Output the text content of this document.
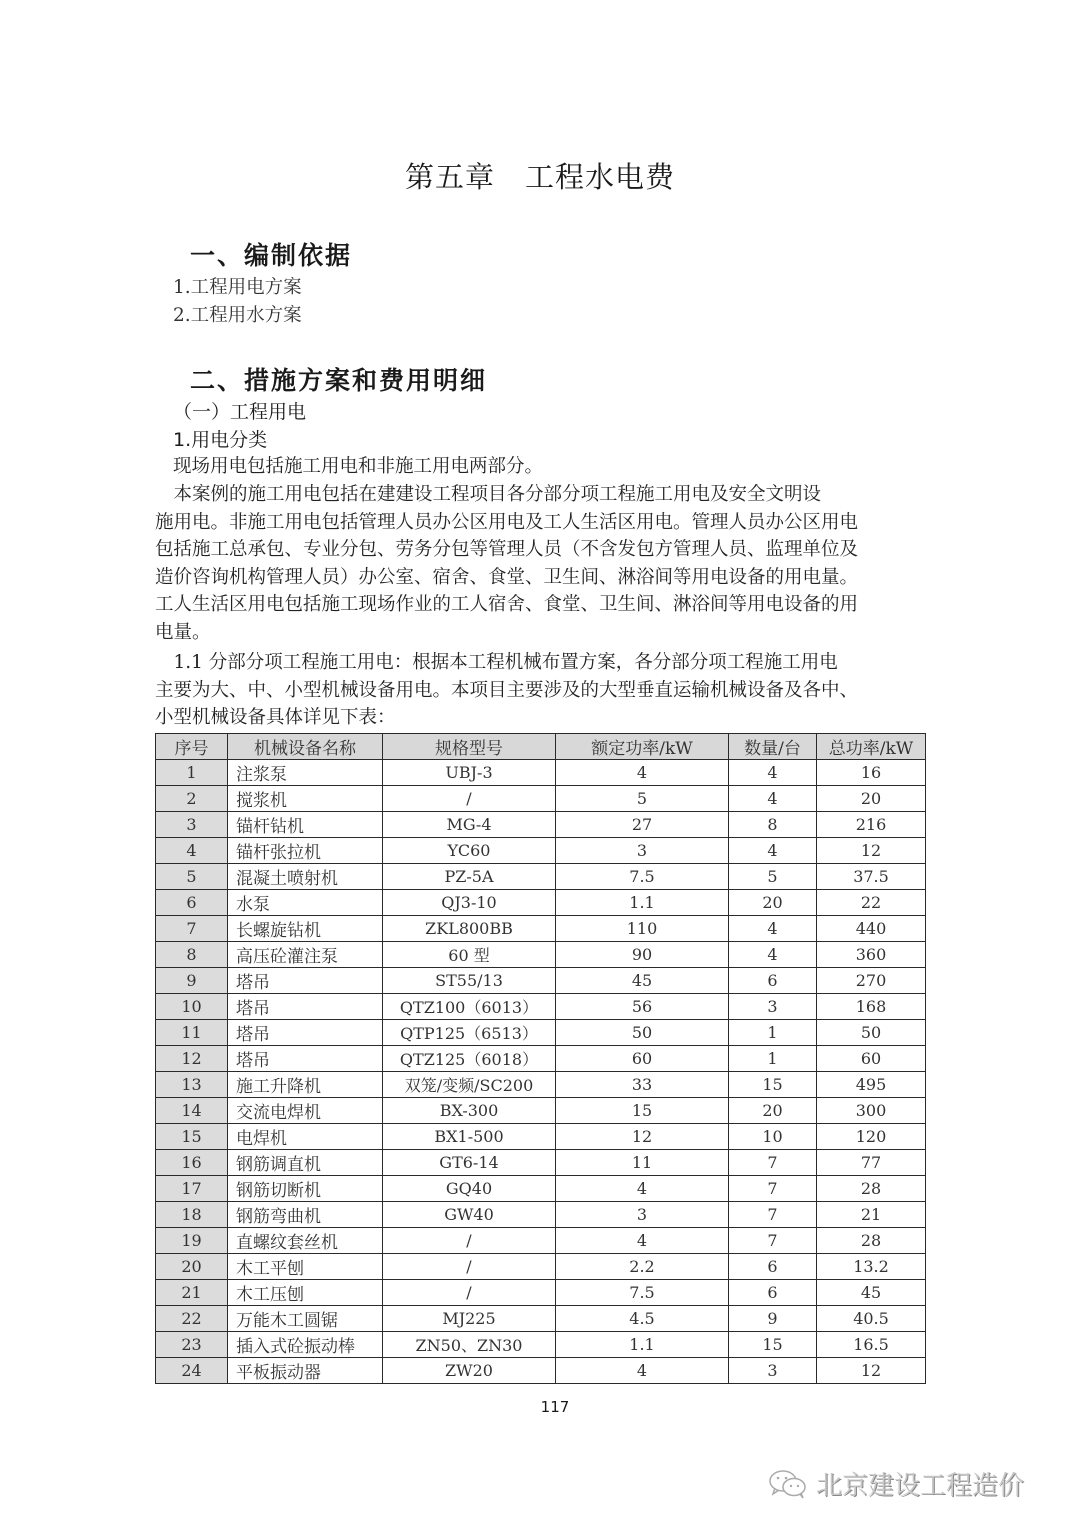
第五章 工程水电费
一、编制依据
1.工程用电方案
2.工程用水方案
二、措施方案和费用明细
（一）工程用电
1.用电分类
现场用电包括施工用电和非施工用电两部分。
　本案例的施工用电包括在建建设工程项目各分部分项工程施工用电及安全文明设
施用电。非施工用电包括管理人员办公区用电及工人生活区用电。管理人员办公区用电
包括施工总承包、专业分包、劳务分包等管理人员（不含发包方管理人员、监理单位及
造价咨询机构管理人员）办公室、宿舍、食堂、卫生间、淋浴间等用电设备的用电量。
工人生活区用电包括施工现场作业的工人宿舍、食堂、卫生间、淋浴间等用电设备的用
电量。
　1.1 分部分项工程施工用电：根据本工程机械布置方案，各分部分项工程施工用电
主要为大、中、小型机械设备用电。本项目主要涉及的大型垂直运输机械设备及各中、
小型机械设备具体详见下表：
序号	机械设备名称	规格型号	额定功率/kW	数量/台	总功率/kW
1	注浆泵	UBJ-3	4	4	16
2	搅浆机	/	5	4	20
3	锚杆钻机	MG-4	27	8	216
4	锚杆张拉机	YC60	3	4	12
5	混凝土喷射机	PZ-5A	7.5	5	37.5
6	水泵	QJ3-10	1.1	20	22
7	长螺旋钻机	ZKL800BB	110	4	440
8	高压砼灌注泵	60 型	90	4	360
9	塔吊	ST55/13	45	6	270
10	塔吊	QTZ100（6013）	56	3	168
11	塔吊	QTP125（6513）	50	1	50
12	塔吊	QTZ125（6018）	60	1	60
13	施工升降机	双笼/变频/SC200	33	15	495
14	交流电焊机	BX-300	15	20	300
15	电焊机	BX1-500	12	10	120
16	钢筋调直机	GT6-14	11	7	77
17	钢筋切断机	GQ40	4	7	28
18	钢筋弯曲机	GW40	3	7	21
19	直螺纹套丝机	/	4	7	28
20	木工平刨	/	2.2	6	13.2
21	木工压刨	/	7.5	6	45
22	万能木工圆锯	MJ225	4.5	9	40.5
23	插入式砼振动棒	ZN50、ZN30	1.1	15	16.5
24	平板振动器	ZW20	4	3	12
117
北京建设工程造价
